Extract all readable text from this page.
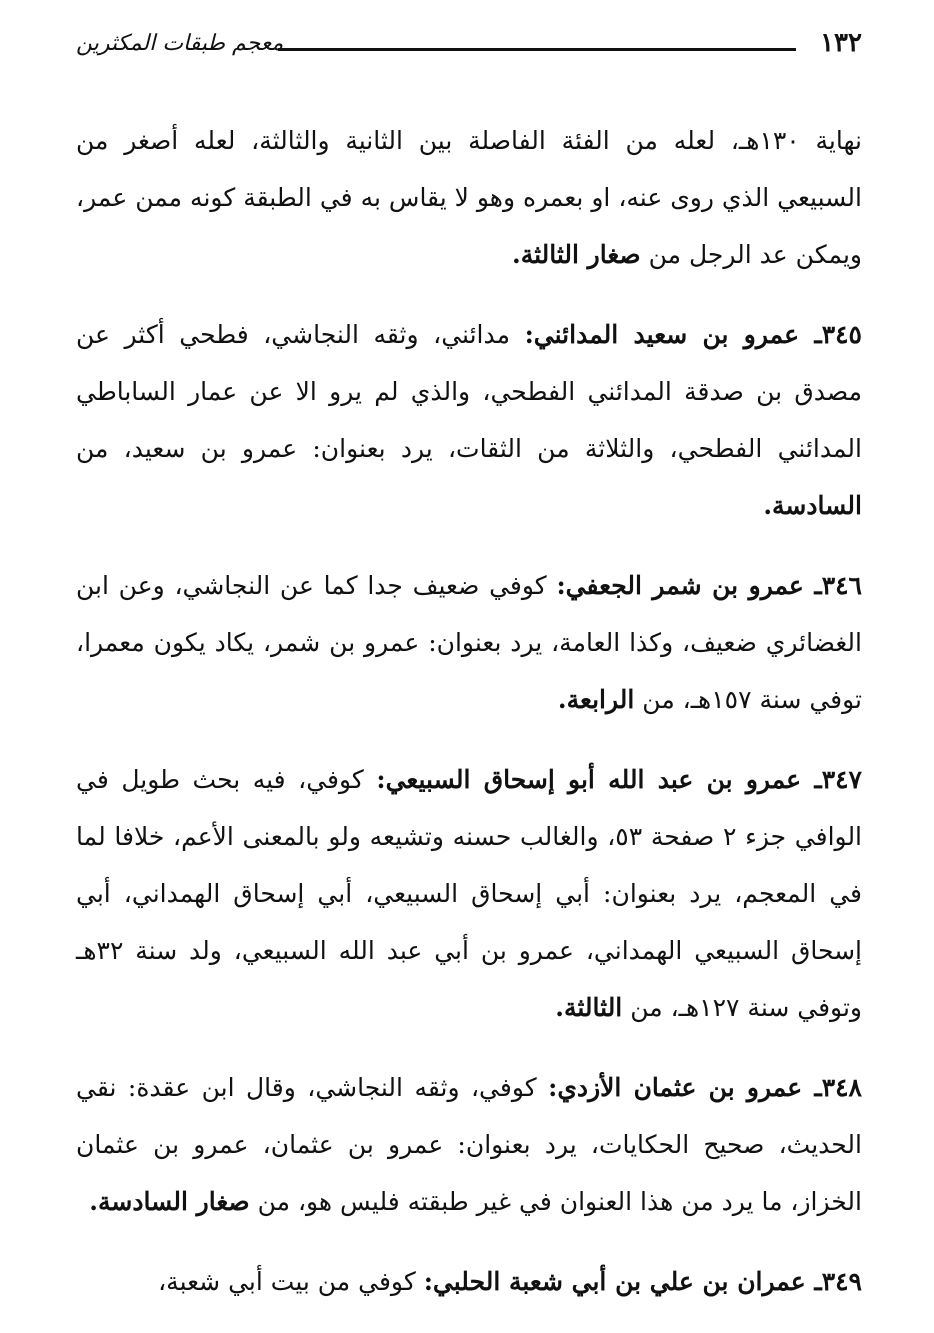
١٣٢
معجم طبقات المكثرين

نهاية ١٣٠هـ، لعله من الفئة الفاصلة بين الثانية والثالثة، لعله أصغر من السبيعي الذي روى عنه، او بعمره وهو لا يقاس به في الطبقة كونه ممن عمر، ويمكن عد الرجل من صغار الثالثة.

٣٤٥ـ عمرو بن سعيد المدائني: مدائني، وثقه النجاشي، فطحي أكثر عن مصدق بن صدقة المدائني الفطحي، والذي لم يرو الا عن عمار الساباطي المدائني الفطحي، والثلاثة من الثقات، يرد بعنوان: عمرو بن سعيد، من السادسة.

٣٤٦ـ عمرو بن شمر الجعفي: كوفي ضعيف جدا كما عن النجاشي، وعن ابن الغضائري ضعيف، وكذا العامة، يرد بعنوان: عمرو بن شمر، يكاد يكون معمرا، توفي سنة ١٥٧هـ، من الرابعة.

٣٤٧ـ عمرو بن عبد الله أبو إسحاق السبيعي: كوفي، فيه بحث طويل في الوافي جزء ٢ صفحة ٥٣، والغالب حسنه وتشيعه ولو بالمعنى الأعم، خلافا لما في المعجم، يرد بعنوان: أبي إسحاق السبيعي، أبي إسحاق الهمداني، أبي إسحاق السبيعي الهمداني، عمرو بن أبي عبد الله السبيعي، ولد سنة ٣٢هـ وتوفي سنة ١٢٧هـ، من الثالثة.

٣٤٨ـ عمرو بن عثمان الأزدي: كوفي، وثقه النجاشي، وقال ابن عقدة: نقي الحديث، صحيح الحكايات، يرد بعنوان: عمرو بن عثمان، عمرو بن عثمان الخزاز، ما يرد من هذا العنوان في غير طبقته فليس هو، من صغار السادسة.

٣٤٩ـ عمران بن علي بن أبي شعبة الحلبي: كوفي من بيت أبي شعبة،
